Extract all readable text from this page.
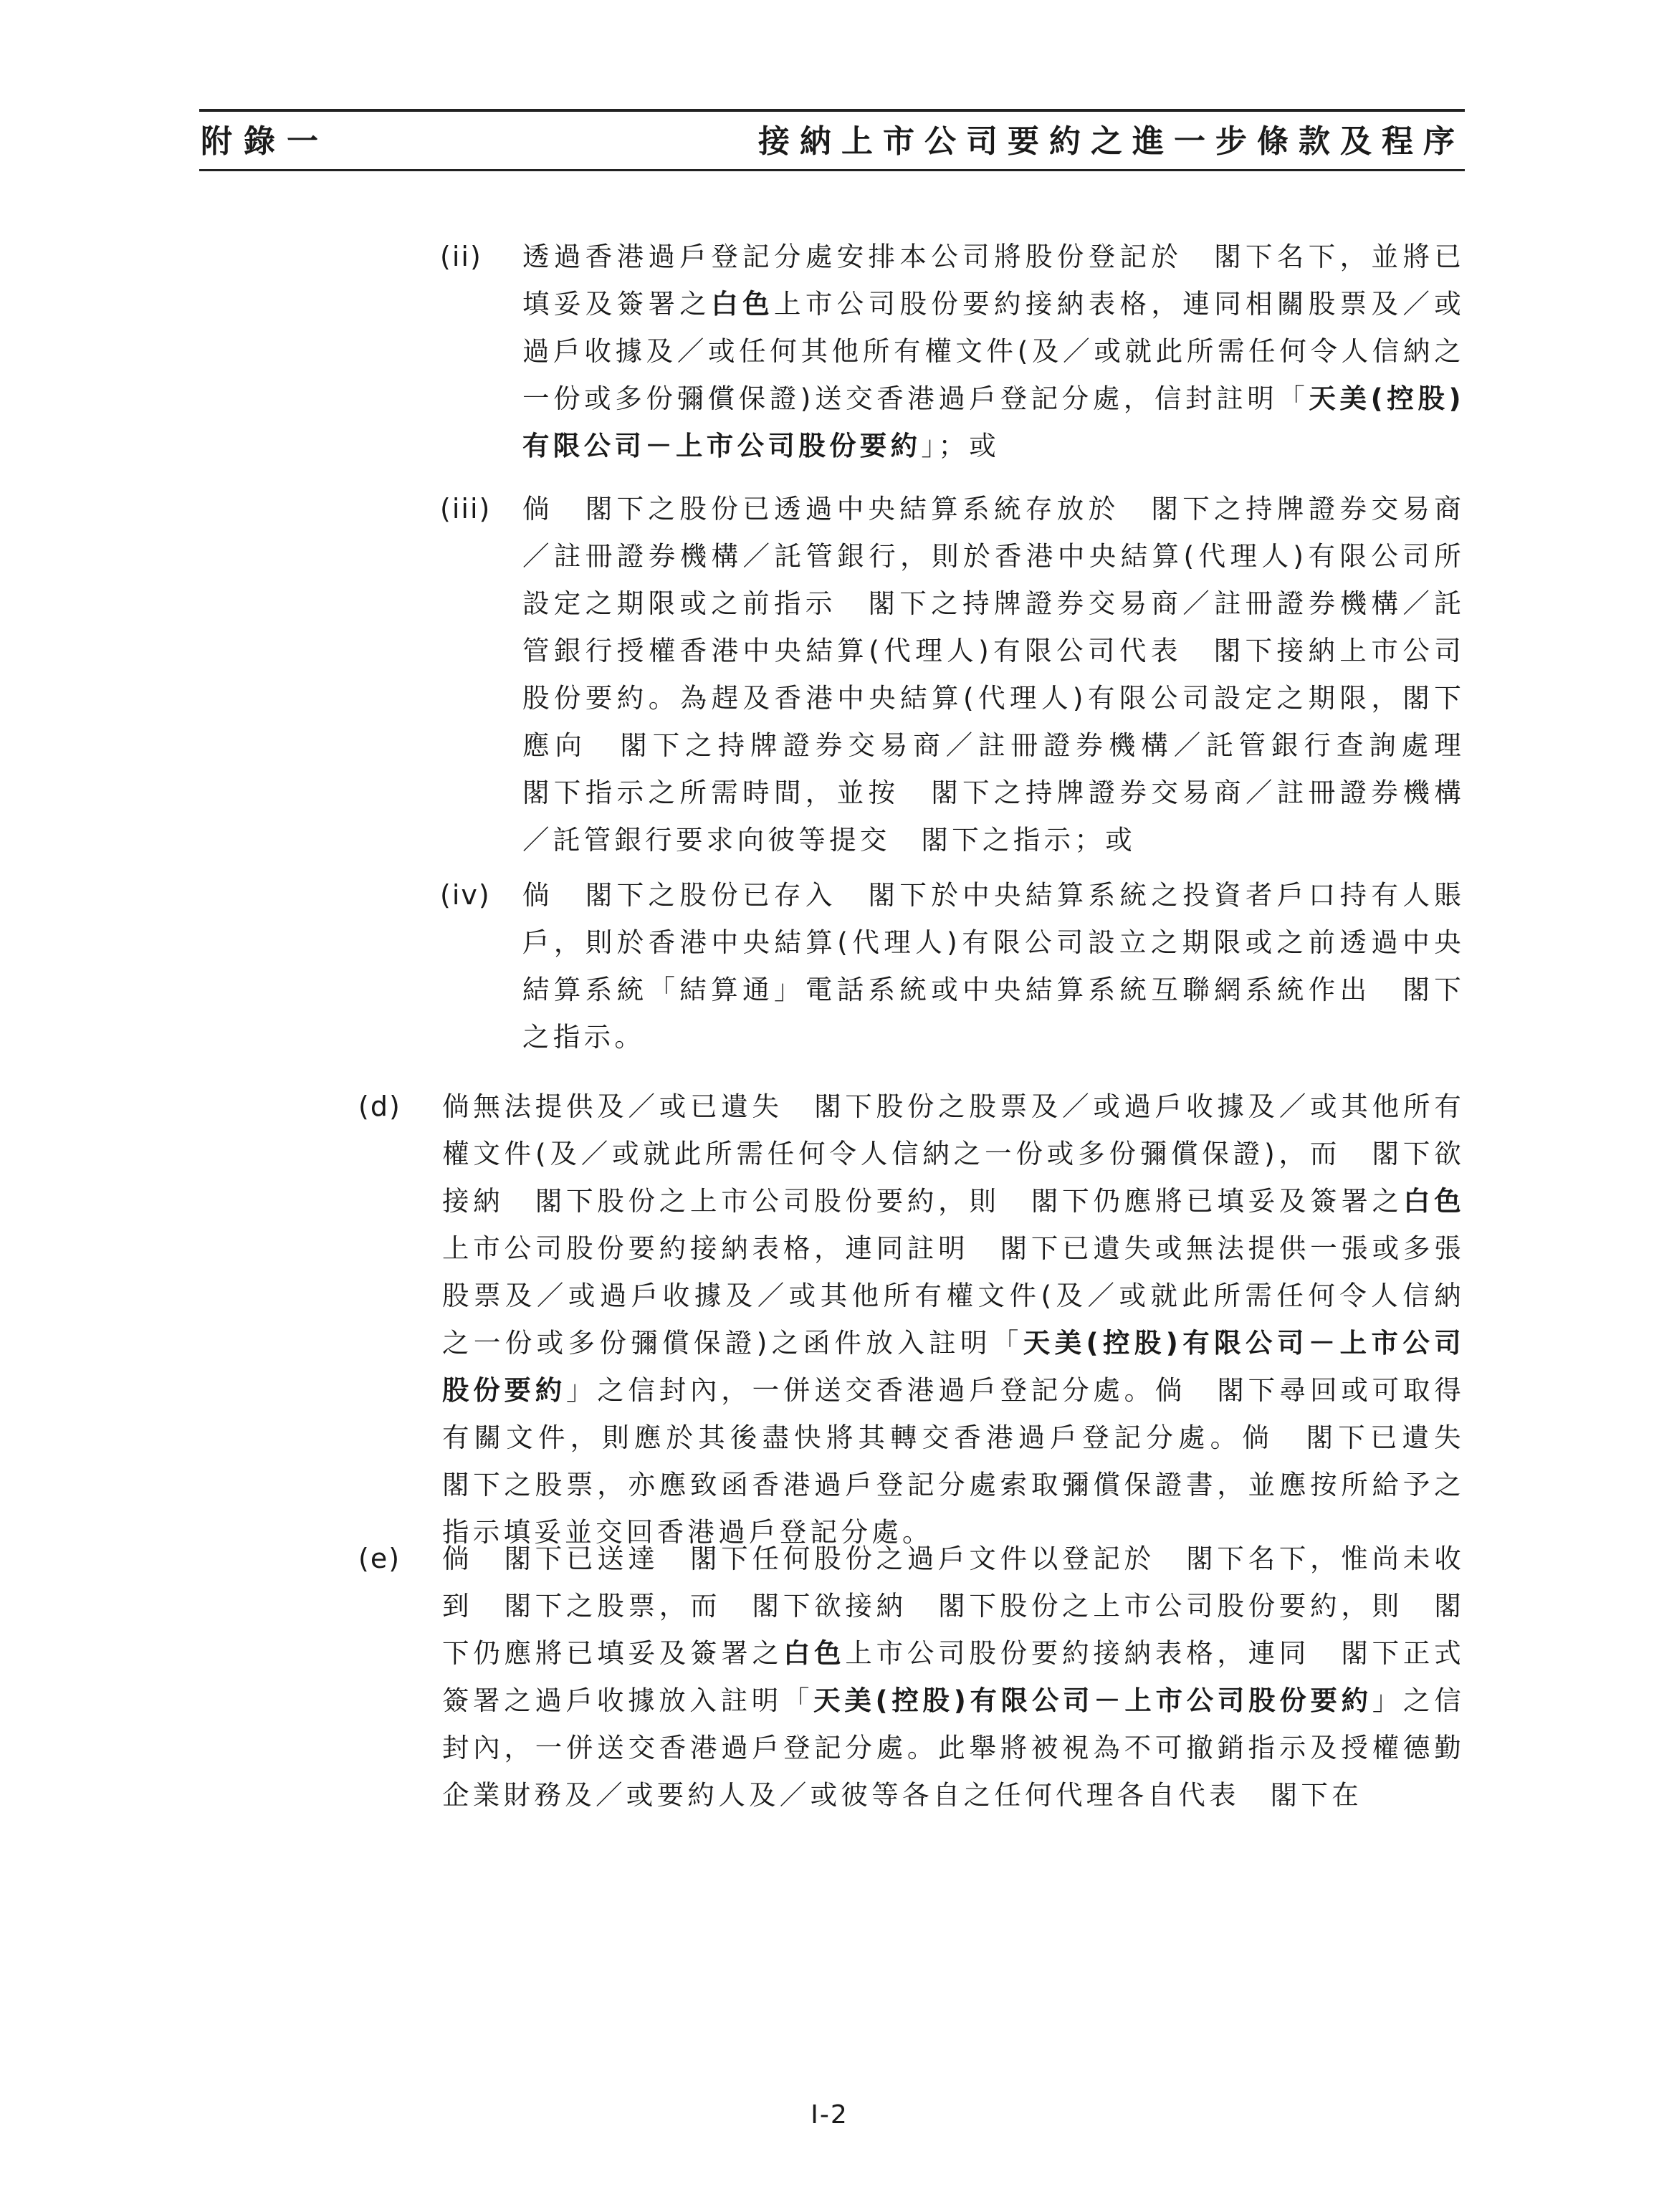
附錄一	接納上市公司要約之進一步條款及程序
(ii) 透過香港過戶登記分處安排本公司將股份登記於　閣下名下，並將已填妥及簽署之白色上市公司股份要約接納表格，連同相關股票及／或過戶收據及／或任何其他所有權文件(及／或就此所需任何令人信納之一份或多份彌償保證)送交香港過戶登記分處，信封註明「天美(控股)有限公司－上市公司股份要約」；或
(iii) 倘　閣下之股份已透過中央結算系統存放於　閣下之持牌證券交易商／註冊證券機構／託管銀行，則於香港中央結算(代理人)有限公司所設定之期限或之前指示　閣下之持牌證券交易商／註冊證券機構／託管銀行授權香港中央結算(代理人)有限公司代表　閣下接納上市公司股份要約。為趕及香港中央結算(代理人)有限公司設定之期限，閣下應向　閣下之持牌證券交易商／註冊證券機構／託管銀行查詢處理　閣下指示之所需時間，並按　閣下之持牌證券交易商／註冊證券機構／託管銀行要求向彼等提交　閣下之指示；或
(iv) 倘　閣下之股份已存入　閣下於中央結算系統之投資者戶口持有人賬戶，則於香港中央結算(代理人)有限公司設立之期限或之前透過中央結算系統「結算通」電話系統或中央結算系統互聯網系統作出　閣下之指示。
(d) 倘無法提供及／或已遺失　閣下股份之股票及／或過戶收據及／或其他所有權文件(及／或就此所需任何令人信納之一份或多份彌償保證)，而　閣下欲接納　閣下股份之上市公司股份要約，則　閣下仍應將已填妥及簽署之白色上市公司股份要約接納表格，連同註明　閣下已遺失或無法提供一張或多張股票及／或過戶收據及／或其他所有權文件(及／或就此所需任何令人信納之一份或多份彌償保證)之函件放入註明「天美(控股)有限公司－上市公司股份要約」之信封內，一併送交香港過戶登記分處。倘　閣下尋回或可取得有關文件，則應於其後盡快將其轉交香港過戶登記分處。倘　閣下已遺失　閣下之股票，亦應致函香港過戶登記分處索取彌償保證書，並應按所給予之指示填妥並交回香港過戶登記分處。
(e) 倘　閣下已送達　閣下任何股份之過戶文件以登記於　閣下名下，惟尚未收到　閣下之股票，而　閣下欲接納　閣下股份之上市公司股份要約，則　閣下仍應將已填妥及簽署之白色上市公司股份要約接納表格，連同　閣下正式簽署之過戶收據放入註明「天美(控股)有限公司－上市公司股份要約」之信封內，一併送交香港過戶登記分處。此舉將被視為不可撤銷指示及授權德勤企業財務及／或要約人及／或彼等各自之任何代理各自代表　閣下在
I-2
